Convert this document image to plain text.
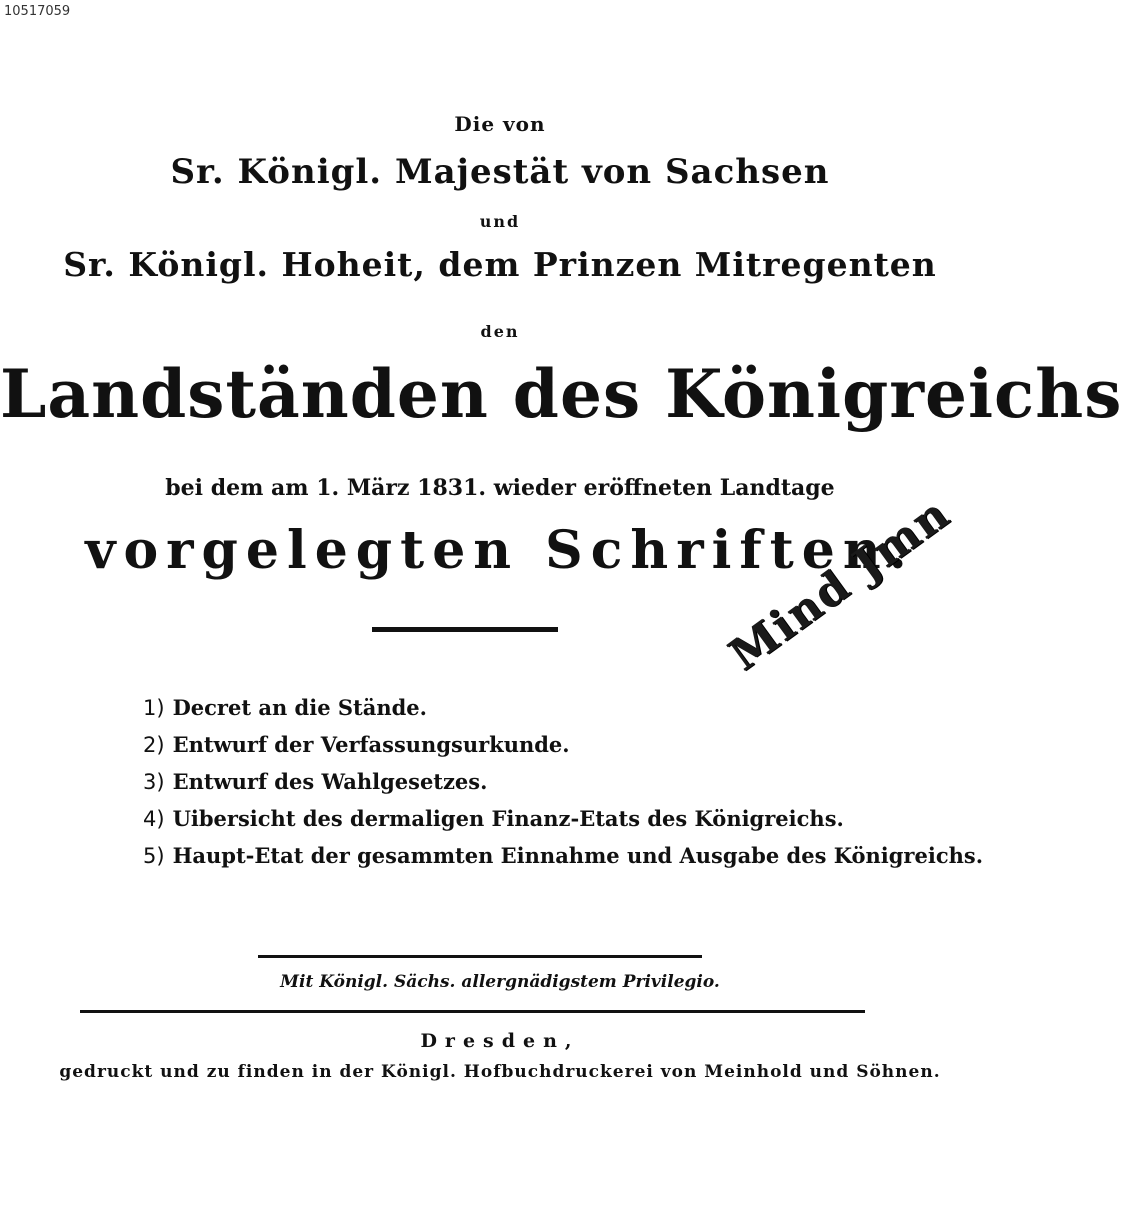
10517059
Die von
Sr. Königl. Majestät von Sachsen
und
Sr. Königl. Hoheit, dem Prinzen Mitregenten
den
Landständen des Königreichs
bei dem am 1. März 1831. wieder eröffneten Landtage
vorgelegten Schriften.
1) Decret an die Stände.
2) Entwurf der Verfassungsurkunde.
3) Entwurf des Wahlgesetzes.
4) Uibersicht des dermaligen Finanz-Etats des Königreichs.
5) Haupt-Etat der gesammten Einnahme und Ausgabe des Königreichs.
Mind Jmn
Mit Königl. Sächs. allergnädigstem Privilegio.
Dresden,
gedruckt und zu finden in der Königl. Hofbuchdruckerei von Meinhold und Söhnen.
